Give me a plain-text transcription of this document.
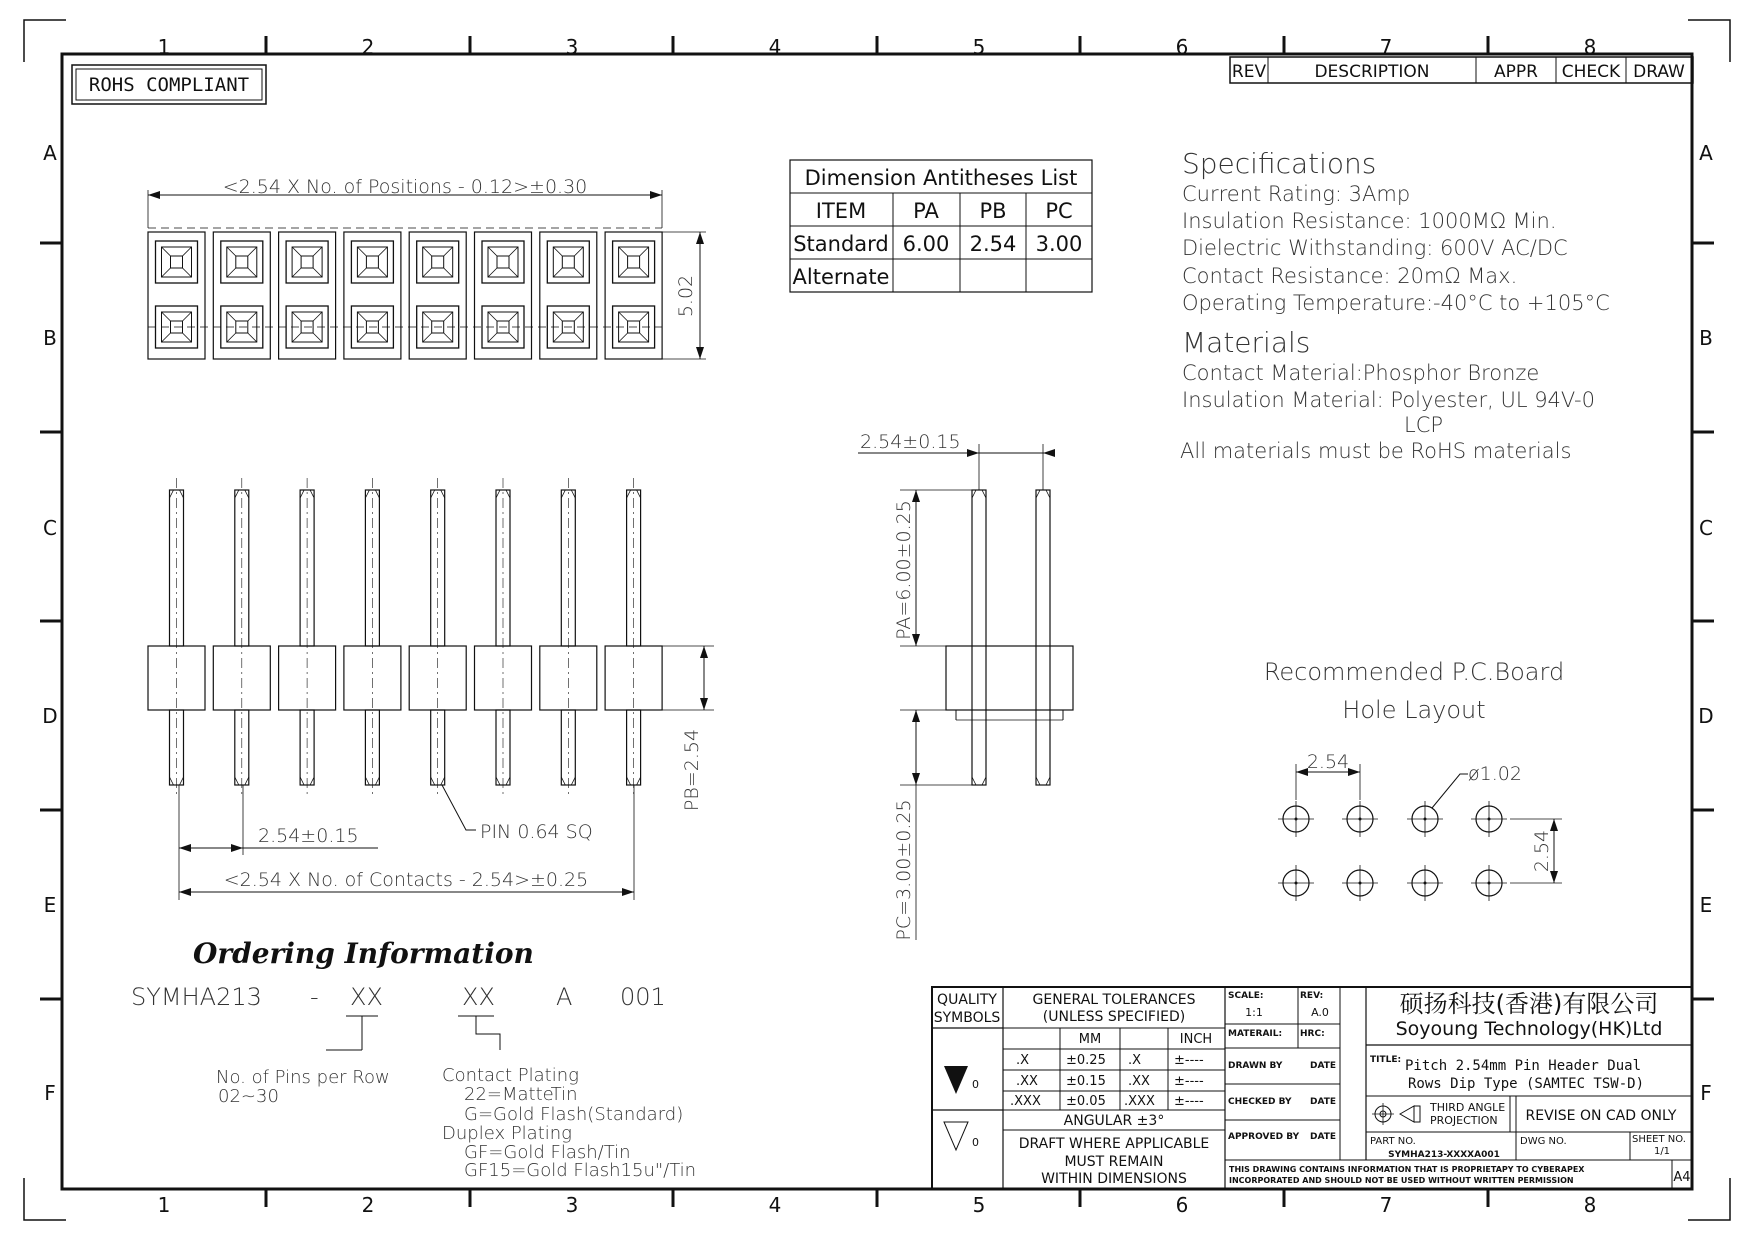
1	2	3	4	5	6	7	8
1	2	3	4	5	6	7	8
A
B
C
D
E
F
A
B
C
D
E
F
ROHS COMPLIANT
REV	DESCRIPTION	APPR CHECK DRAW
Dimension Antitheses List
ITEM PA PB PC
Standard 6.00 2.54 3.00
Alternate
Specifications
Current Rating: 3Amp
Insulation Resistance: 1000MΩ Min.
Dielectric Withstanding: 600V AC/DC
Contact Resistance: 20mΩ Max.
Operating Temperature:-40°C to +105°C
Materials
Contact Material:Phosphor Bronze
Insulation Material: Polyester, UL 94V-0
LCP
All materials must be RoHS materials
<2.54 X No. of Positions - 0.12>±0.30
5.02
PB=2.54
2.54±0.15
<2.54 X No. of Contacts - 2.54>±0.25
PIN 0.64 SQ
2.54±0.15
PA=6.00±0.25
PC=3.00±0.25
Recommended P.C.Board
Hole Layout
2.54
ø1.02
2.54
Ordering Information
SYMHA213 - XX	XX	A 001
No. of Pins per Row
02~30
Contact Plating
22=MatteTin
G=Gold Flash(Standard)
Duplex Plating
GF=Gold Flash/Tin
GF15=Gold Flash15u"/Tin
QUALITY
SYMBOLS
0
0
GENERAL TOLERANCES
(UNLESS SPECIFIED)
MM	INCH
.X	±0.25 .X	±----
.XX ±0.15 .XX ±----
.XXX ±0.05 .XXX ±----
ANGULAR ±3°
DRAFT WHERE APPLICABLE
MUST REMAIN
WITHIN DIMENSIONS
SCALE:
1:1
REV:
A.0
MATERAIL: HRC:
DRAWN BY	DATE
CHECKED BY DATE
APPROVED BY DATE
硕扬科技(香港)有限公司
Soyoung Technology(HK)Ltd
TITLE: Pitch 2.54mm Pin Header Dual
Rows Dip Type (SAMTEC TSW-D)
THIRD ANGLE
PROJECTION REVISE ON CAD ONLY
PART NO.
SYMHA213-XXXXA001
DWG NO.	SHEET NO.
1/1
THIS DRAWING CONTAINS INFORMATION THAT IS PROPRIETAPY TO CYBERAPEX
INCORPORATED AND SHOULD NOT BE USED WITHOUT WRITTEN PERMISSION	A4
